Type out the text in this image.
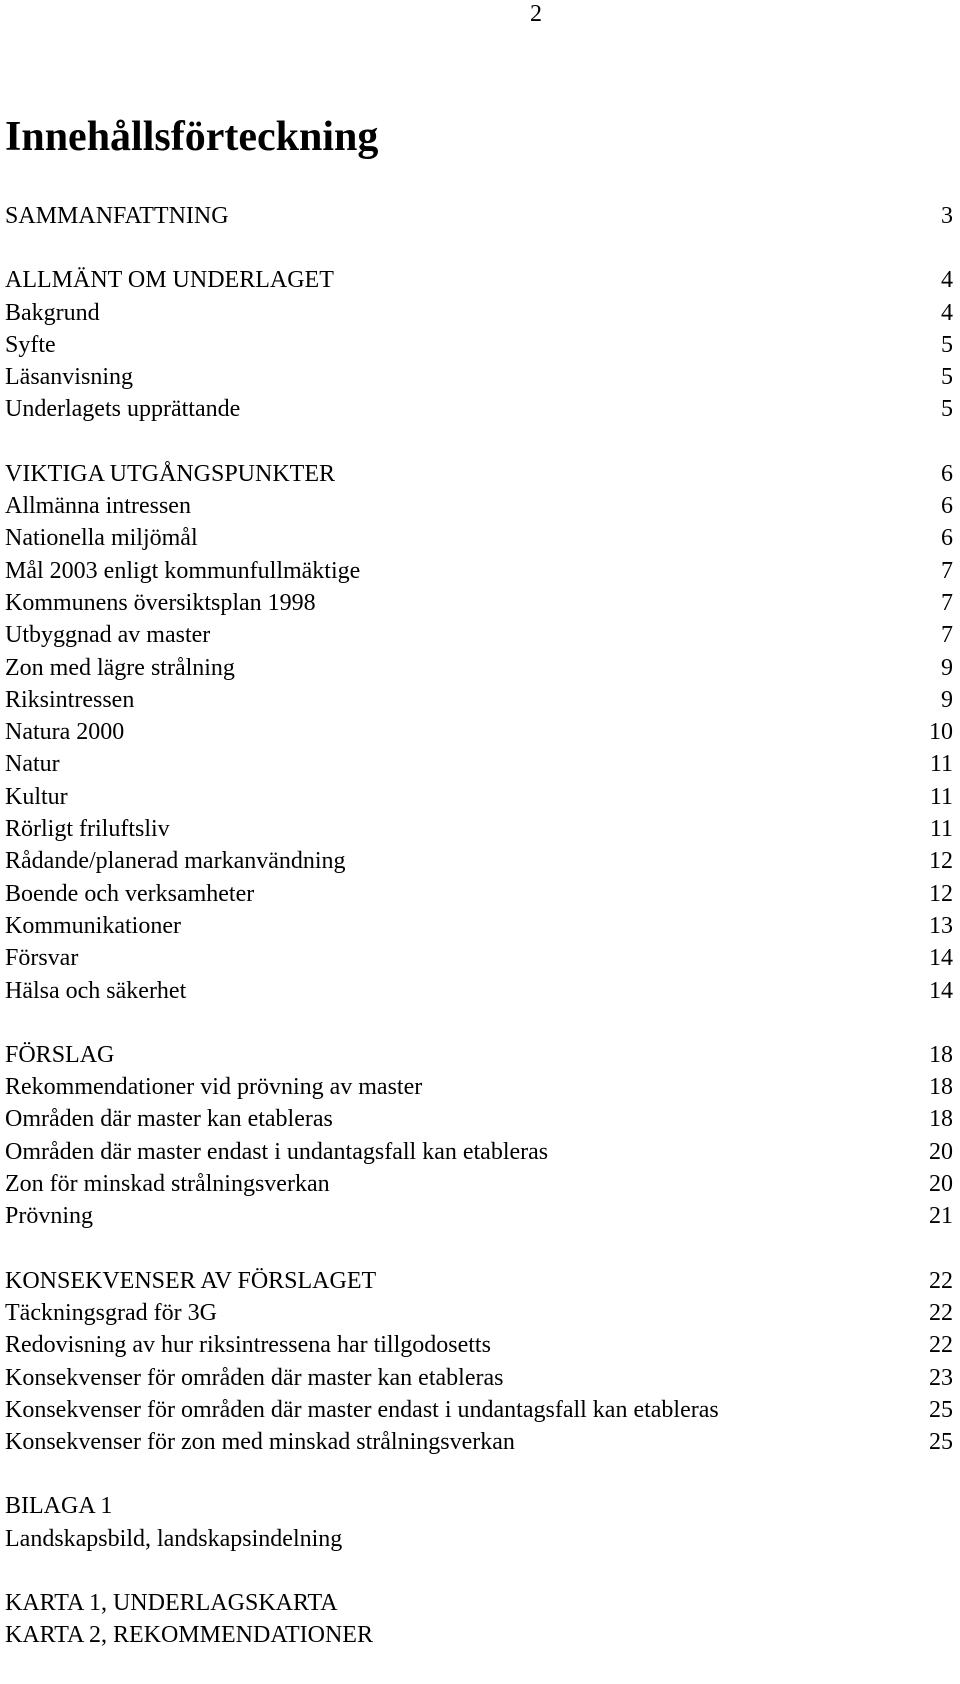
2
Innehållsförteckning
SAMMANFATTNING	3
ALLMÄNT OM UNDERLAGET	4
Bakgrund	4
Syfte	5
Läsanvisning	5
Underlagets upprättande	5
VIKTIGA UTGÅNGSPUNKTER	6
Allmänna intressen	6
Nationella miljömål	6
Mål 2003 enligt kommunfullmäktige	7
Kommunens översiktsplan 1998	7
Utbyggnad av master	7
Zon med lägre strålning	9
Riksintressen	9
Natura 2000	10
Natur	11
Kultur	11
Rörligt friluftsliv	11
Rådande/planerad markanvändning	12
Boende och verksamheter	12
Kommunikationer	13
Försvar	14
Hälsa och säkerhet	14
FÖRSLAG	18
Rekommendationer vid prövning av master	18
Områden där master kan etableras	18
Områden där master endast i undantagsfall kan etableras	20
Zon för minskad strålningsverkan	20
Prövning	21
KONSEKVENSER AV FÖRSLAGET	22
Täckningsgrad för 3G	22
Redovisning av hur riksintressena har tillgodosetts	22
Konsekvenser för områden där master kan etableras	23
Konsekvenser för områden där master endast i undantagsfall kan etableras	25
Konsekvenser för zon med minskad strålningsverkan	25
BILAGA 1
Landskapsbild, landskapsindelning
KARTA 1, UNDERLAGSKARTA
KARTA 2, REKOMMENDATIONER
